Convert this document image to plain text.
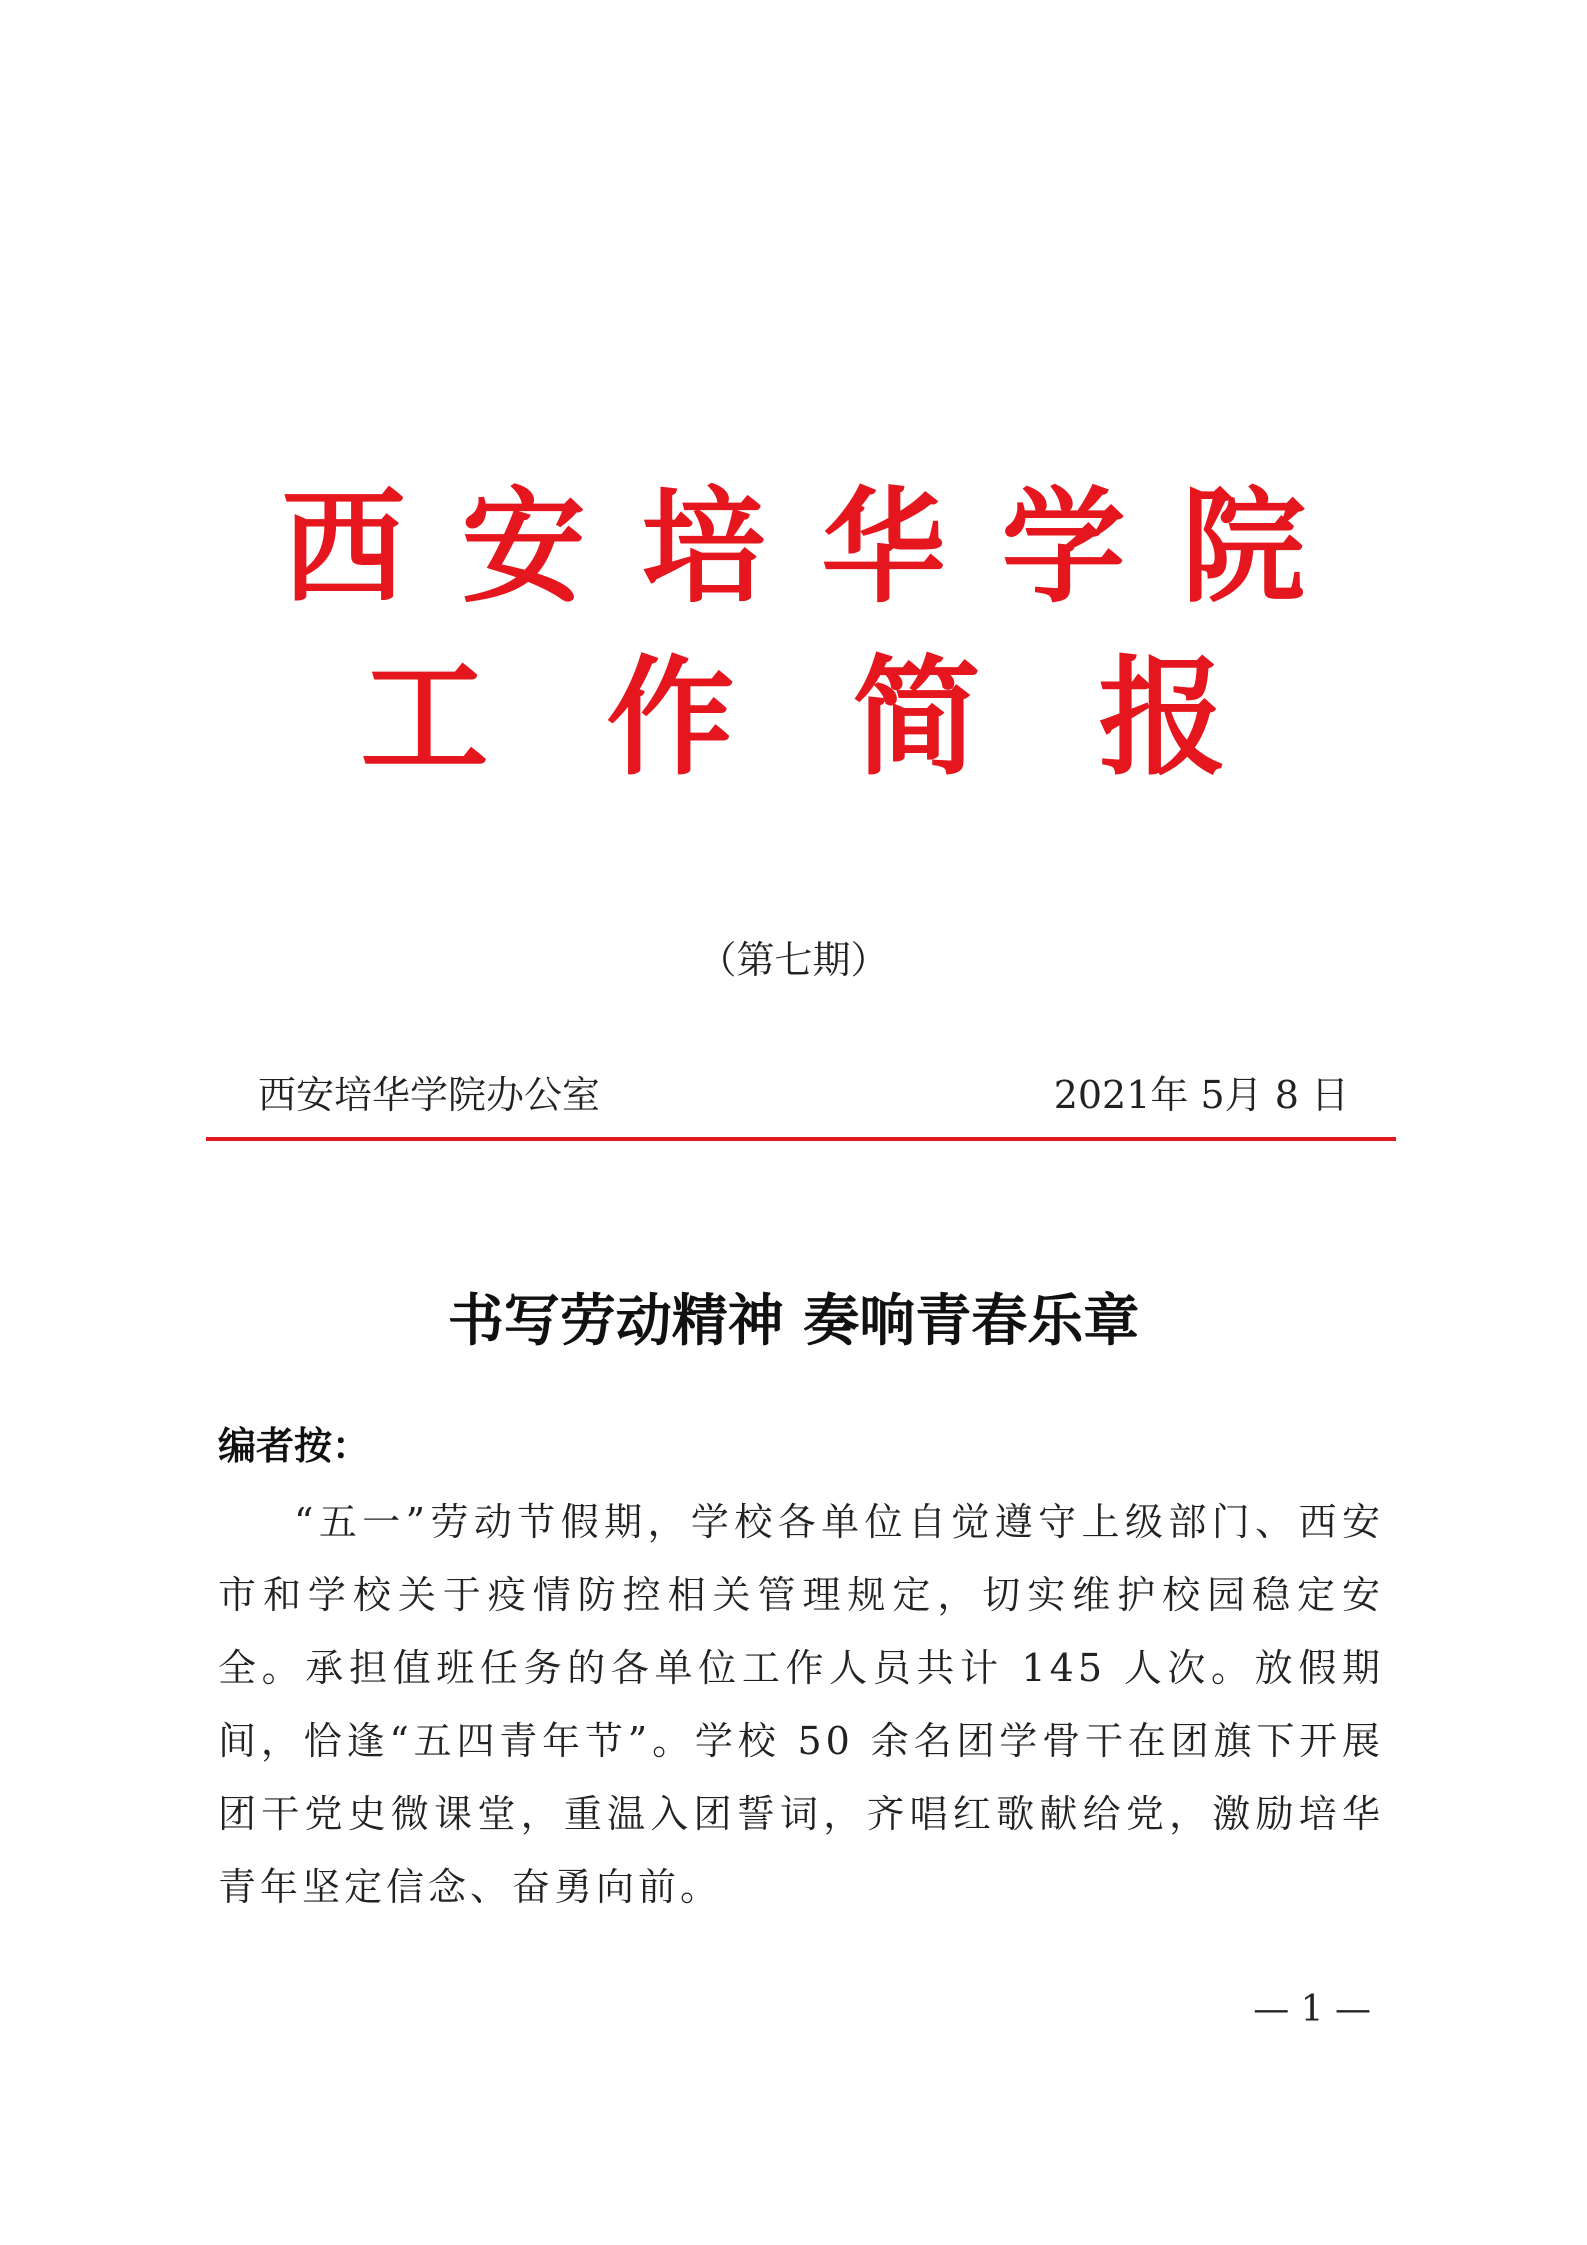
西安培华学院
工作简报
（第七期）
西安培华学院办公室	2021年 5月 8 日
书写劳动精神 奏响青春乐章
编者按：

“五一”劳动节假期，学校各单位自觉遵守上级部门、西安市和学校关于疫情防控相关管理规定，切实维护校园稳定安全。承担值班任务的各单位工作人员共计 145 人次。放假期间，恰逢“五四青年节”。学校 50 余名团学骨干在团旗下开展团干党史微课堂，重温入团誓词，齐唱红歌献给党，激励培华青年坚定信念、奋勇向前。

— 1 —
